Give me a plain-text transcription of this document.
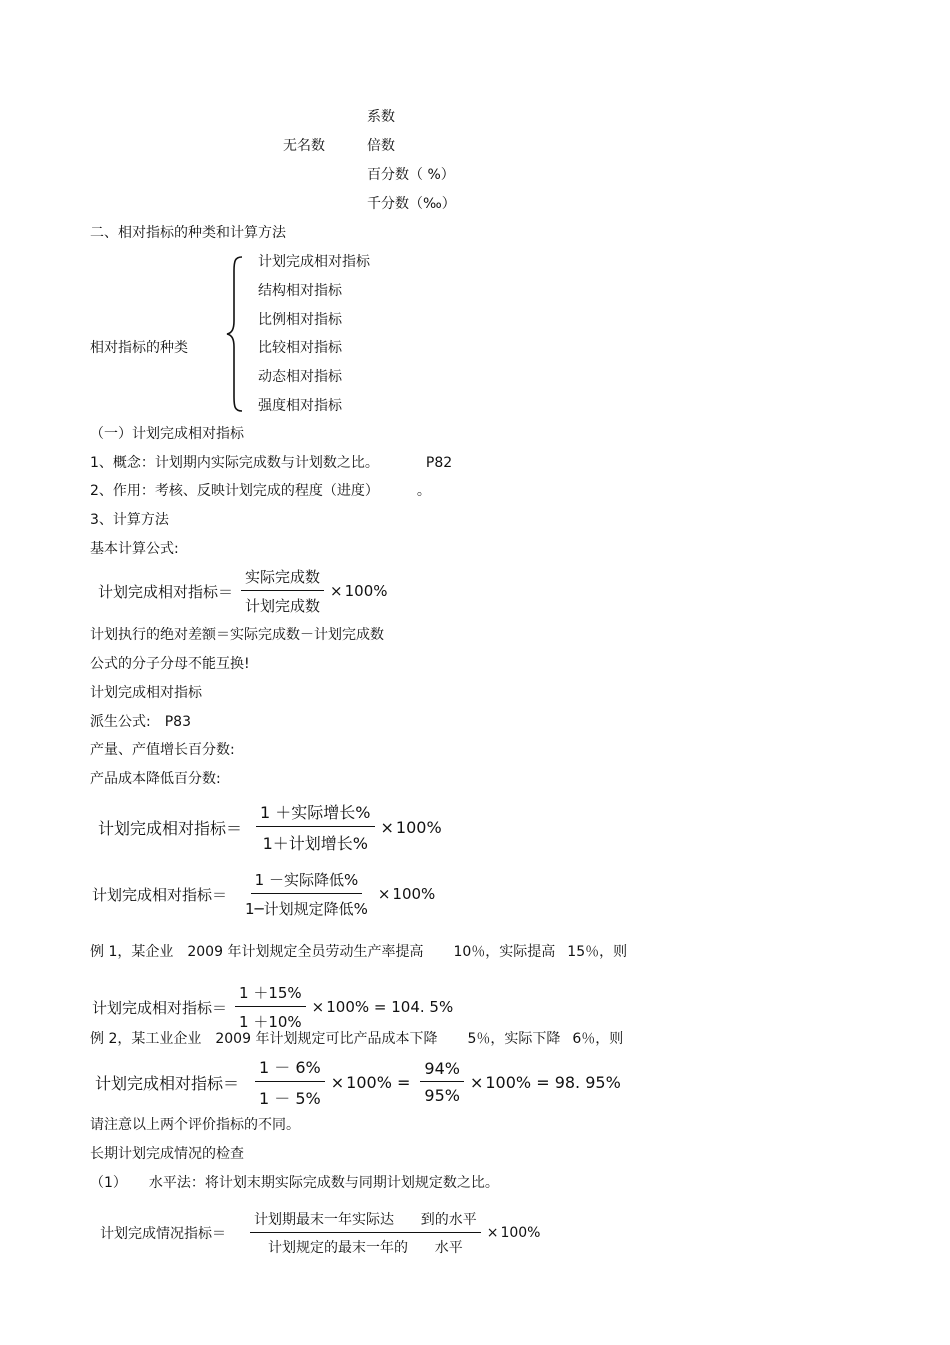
系数
无名数	倍数
百分数（ %）
千分数（‰）
二、相对指标的种类和计算方法
相对指标的种类
计划完成相对指标
结构相对指标
比例相对指标
比较相对指标
动态相对指标
强度相对指标
（一）计划完成相对指标
1、概念：计划期内实际完成数与计划数之比。	P82
2、作用：考核、反映计划完成的程度（进度）	。
3、计算方法
基本计算公式:
计划完成相对指标＝ $\frac{\text{实际完成数}}{\text{计划完成数}} \times 100\%$
计划执行的绝对差额＝实际完成数－计划完成数
公式的分子分母不能互换!
计划完成相对指标
派生公式: P83
产量、产值增长百分数:
产品成本降低百分数:
计划完成相对指标＝ $\frac{\text{1 ＋实际增长\%}}{\text{1＋计划增长\%}} \times 100\%$
计划完成相对指标＝ $\frac{\text{1 －实际降低\%}}{\text{1─计划规定降低\%}} \times 100\%$
例 1，某企业 2009 年计划规定全员劳动生产率提高 10％，实际提高 15％，则
计划完成相对指标＝ $\frac{1 +15\%}{1 +10\%} \times 100\% = 104$. 5%
例 2，某工业企业 2009 年计划规定可比产品成本下降 5％，实际下降 6％，则
计划完成相对指标＝ $\frac{1 - 6\%}{1 - 5\%} \times 100\% = \frac{94\%}{95\%} \times 100\% = 98$. 95%
请注意以上两个评价指标的不同。
长期计划完成情况的检查
（1） 水平法：将计划末期实际完成数与同期计划规定数之比。
计划完成情况指标＝ $\frac{\text{计划期最末一年实际达      到的水平}}{\text{计划规定的最末一年的      水平}} \times 100\%$
